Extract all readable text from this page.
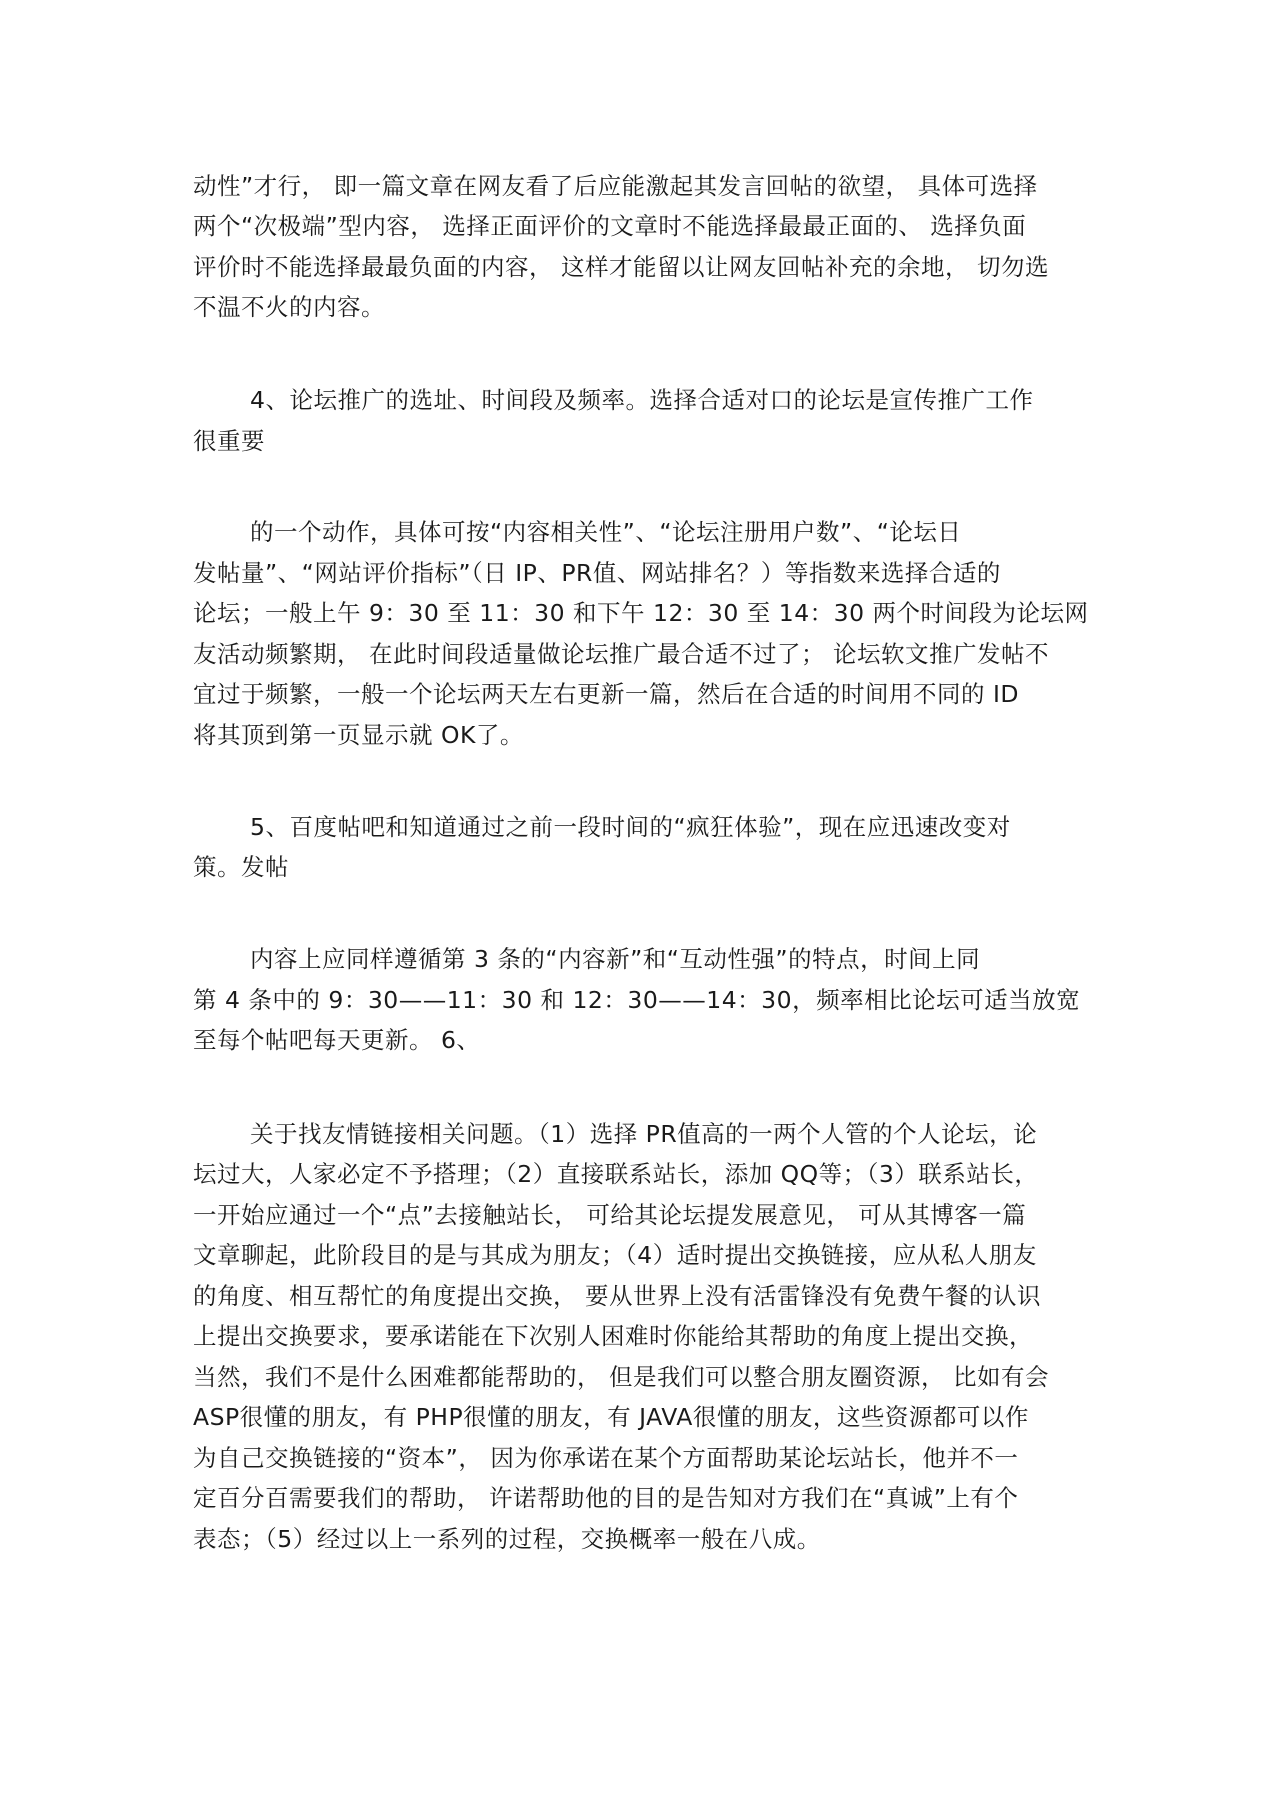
动性”才行， 即一篇文章在网友看了后应能激起其发言回帖的欲望， 具体可选择
两个“次极端”型内容， 选择正面评价的文章时不能选择最最正面的、 选择负面
评价时不能选择最最负面的内容， 这样才能留以让网友回帖补充的余地， 切勿选
不温不火的内容。
4、论坛推广的选址、时间段及频率。选择合适对口的论坛是宣传推广工作
很重要
的一个动作，具体可按“内容相关性”、“论坛注册用户数”、“论坛日
发帖量”、“网站评价指标”（日 IP、PR值、网站排名？）等指数来选择合适的
论坛；一般上午 9：30 至 11：30 和下午 12：30 至 14：30 两个时间段为论坛网
友活动频繁期， 在此时间段适量做论坛推广最合适不过了； 论坛软文推广发帖不
宜过于频繁，一般一个论坛两天左右更新一篇，然后在合适的时间用不同的 ID
将其顶到第一页显示就 OK了。
5、百度帖吧和知道通过之前一段时间的“疯狂体验”，现在应迅速改变对
策。发帖
内容上应同样遵循第 3 条的“内容新”和“互动性强”的特点，时间上同
第 4 条中的 9：30——11：30 和 12：30——14：30，频率相比论坛可适当放宽
至每个帖吧每天更新。 6、
关于找友情链接相关问题。（1）选择 PR值高的一两个人管的个人论坛，论
坛过大，人家必定不予搭理；（2）直接联系站长，添加 QQ等；（3）联系站长，
一开始应通过一个“点”去接触站长， 可给其论坛提发展意见， 可从其博客一篇
文章聊起，此阶段目的是与其成为朋友；（4）适时提出交换链接，应从私人朋友
的角度、相互帮忙的角度提出交换， 要从世界上没有活雷锋没有免费午餐的认识
上提出交换要求，要承诺能在下次别人困难时你能给其帮助的角度上提出交换，
当然，我们不是什么困难都能帮助的， 但是我们可以整合朋友圈资源， 比如有会
ASP很懂的朋友，有 PHP很懂的朋友，有 JAVA很懂的朋友，这些资源都可以作
为自己交换链接的“资本”， 因为你承诺在某个方面帮助某论坛站长，他并不一
定百分百需要我们的帮助， 许诺帮助他的目的是告知对方我们在“真诚”上有个
表态；（5）经过以上一系列的过程，交换概率一般在八成。
